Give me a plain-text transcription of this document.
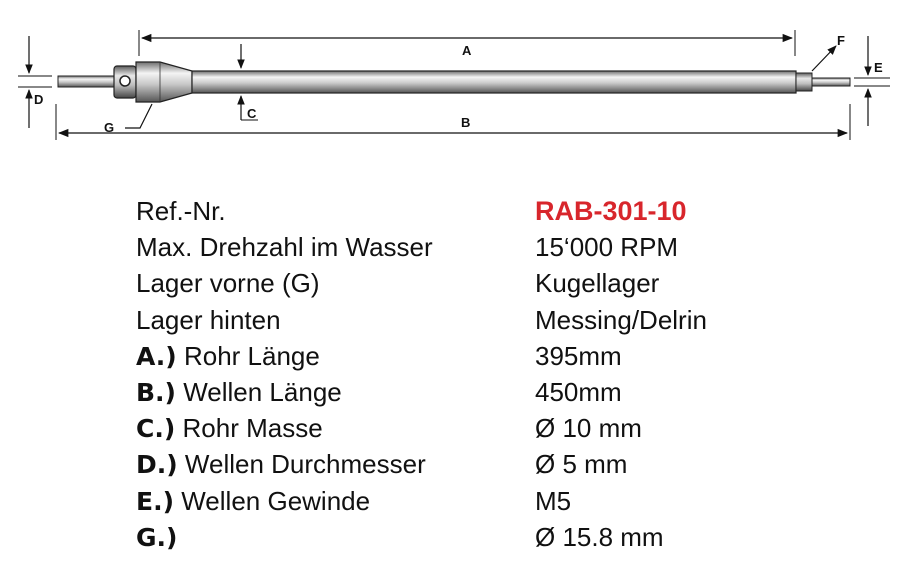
A
B
C
D
E
F
G
Ref.-Nr.	RAB-301-10
Max. Drehzahl im Wasser	15‘000 RPM
Lager vorne (G)	Kugellager
Lager hinten	Messing/Delrin
A.) Rohr Länge	395mm
B.) Wellen Länge	450mm
C.) Rohr Masse	Ø 10 mm
D.) Wellen Durchmesser	Ø 5 mm
E.) Wellen Gewinde	M5
G.)	Ø 15.8 mm
